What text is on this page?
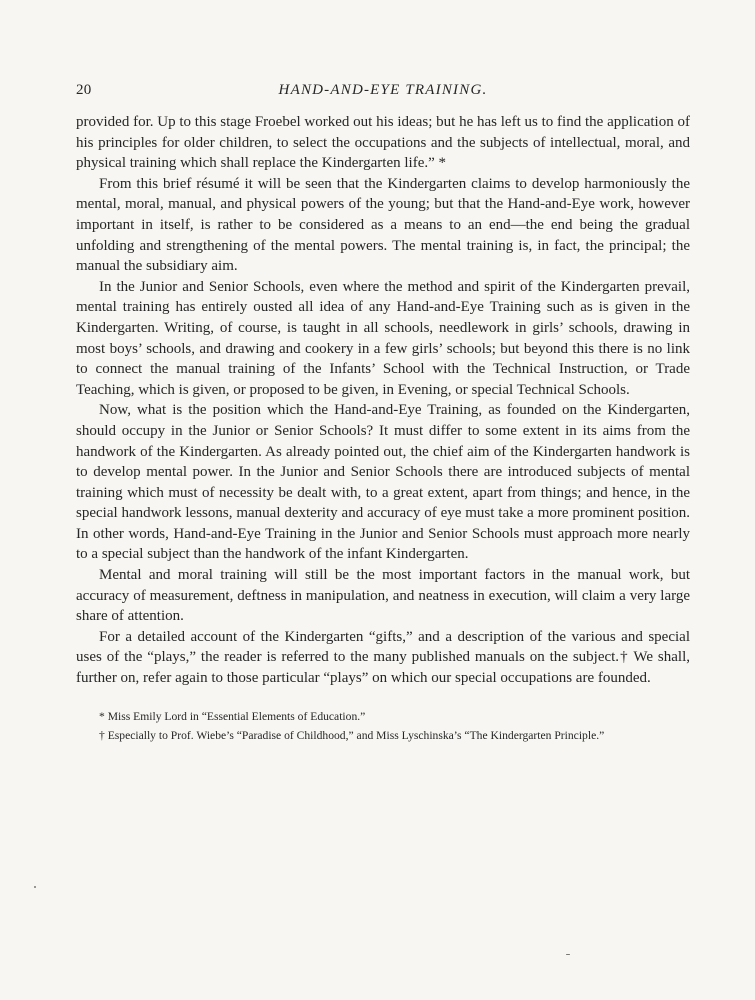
20	HAND-AND-EYE TRAINING.

provided for. Up to this stage Froebel worked out his ideas; but he has left us to find the application of his principles for older children, to select the occupations and the subjects of intellectual, moral, and physical training which shall replace the Kindergarten life.” *

From this brief résumé it will be seen that the Kindergarten claims to develop harmoniously the mental, moral, manual, and physical powers of the young; but that the Hand-and-Eye work, however important in itself, is rather to be considered as a means to an end—the end being the gradual unfolding and strengthening of the mental powers. The mental training is, in fact, the principal; the manual the subsidiary aim.

In the Junior and Senior Schools, even where the method and spirit of the Kindergarten prevail, mental training has entirely ousted all idea of any Hand-and-Eye Training such as is given in the Kindergarten. Writing, of course, is taught in all schools, needlework in girls’ schools, drawing in most boys’ schools, and drawing and cookery in a few girls’ schools; but beyond this there is no link to connect the manual training of the Infants’ School with the Technical Instruction, or Trade Teaching, which is given, or proposed to be given, in Evening, or special Technical Schools.

Now, what is the position which the Hand-and-Eye Training, as founded on the Kindergarten, should occupy in the Junior or Senior Schools? It must differ to some extent in its aims from the handwork of the Kindergarten. As already pointed out, the chief aim of the Kindergarten handwork is to develop mental power. In the Junior and Senior Schools there are introduced subjects of mental training which must of necessity be dealt with, to a great extent, apart from things; and hence, in the special handwork lessons, manual dexterity and accuracy of eye must take a more prominent position. In other words, Hand-and-Eye Training in the Junior and Senior Schools must approach more nearly to a special subject than the handwork of the infant Kindergarten.

Mental and moral training will still be the most important factors in the manual work, but accuracy of measurement, deftness in manipulation, and neatness in execution, will claim a very large share of attention.

For a detailed account of the Kindergarten “gifts,” and a description of the various and special uses of the “plays,” the reader is referred to the many published manuals on the subject.† We shall, further on, refer again to those particular “plays” on which our special occupations are founded.

* Miss Emily Lord in “Essential Elements of Education.”

† Especially to Prof. Wiebe’s “Paradise of Childhood,” and Miss Lyschinska’s “The Kindergarten Principle.”
